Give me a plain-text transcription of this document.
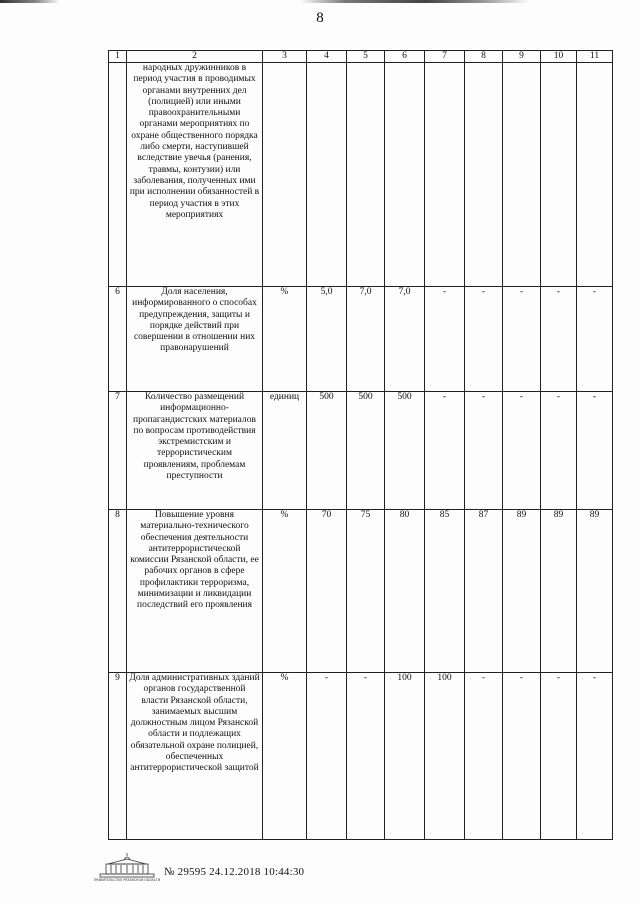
8
1	2	3	4	5	6	7	8	9	10	11
	народных дружинников в период участия в проводимых органами внутренних дел (полицией) или иными правоохранительными органами мероприятиях по охране общественного порядка либо смерти, наступившей вследствие увечья (ранения, травмы, контузии) или заболевания, полученных ими при исполнении обязанностей в период участия в этих мероприятиях									
6	Доля населения, информированного о способах предупреждения, защиты и порядке действий при совершении в отношении них правонарушений	%	5,0	7,0	7,0	-	-	-	-	-
7	Количество размещений информационно-пропагандистских материалов по вопросам противодействия экстремистским и террористическим проявлениям, проблемам преступности	единиц	500	500	500	-	-	-	-	-
8	Повышение уровня материально-технического обеспечения деятельности антитеррористической комиссии Рязанской области, ее рабочих органов в сфере профилактики терроризма, минимизации и ликвидации последствий его проявления	%	70	75	80	85	87	89	89	89
9	Доля административных зданий органов государственной власти Рязанской области, занимаемых высшим должностным лицом Рязанской области и подлежащих обязательной охране полицией, обеспеченных антитеррористической защитой	%	-	-	100	100	-	-	-	-
ПРАВИТЕЛЬСТВО РЯЗАНСКОЙ ОБЛАСТИ
№ 29595 24.12.2018 10:44:30
